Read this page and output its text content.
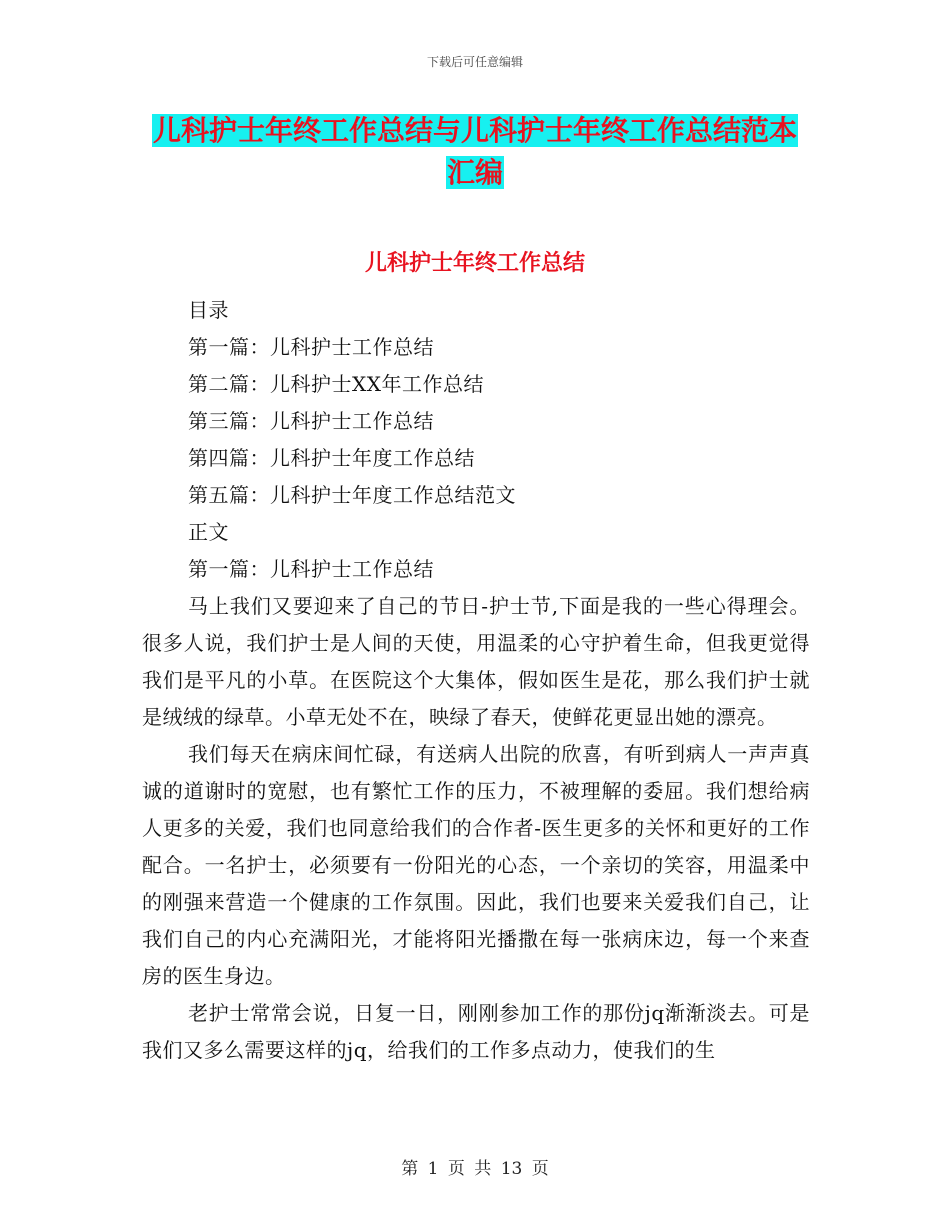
下载后可任意编辑
儿科护士年终工作总结与儿科护士年终工作总结范本
汇编
儿科护士年终工作总结
目录
第一篇：儿科护士工作总结
第二篇：儿科护士XX年工作总结
第三篇：儿科护士工作总结
第四篇：儿科护士年度工作总结
第五篇：儿科护士年度工作总结范文
正文
第一篇：儿科护士工作总结

马上我们又要迎来了自己的节日-护士节,下面是我的一些心得理会。很多人说，我们护士是人间的天使，用温柔的心守护着生命，但我更觉得我们是平凡的小草。在医院这个大集体，假如医生是花，那么我们护士就是绒绒的绿草。小草无处不在，映绿了春天，使鲜花更显出她的漂亮。

我们每天在病床间忙碌，有送病人出院的欣喜，有听到病人一声声真诚的道谢时的宽慰，也有繁忙工作的压力，不被理解的委屈。我们想给病人更多的关爱，我们也同意给我们的合作者-医生更多的关怀和更好的工作配合。一名护士，必须要有一份阳光的心态，一个亲切的笑容，用温柔中的刚强来营造一个健康的工作氛围。因此，我们也要来关爱我们自己，让我们自己的内心充满阳光，才能将阳光播撒在每一张病床边，每一个来查房的医生身边。

老护士常常会说，日复一日，刚刚参加工作的那份jq渐渐淡去。可是我们又多么需要这样的jq，给我们的工作多点动力，使我们的生

第 1 页 共 13 页
